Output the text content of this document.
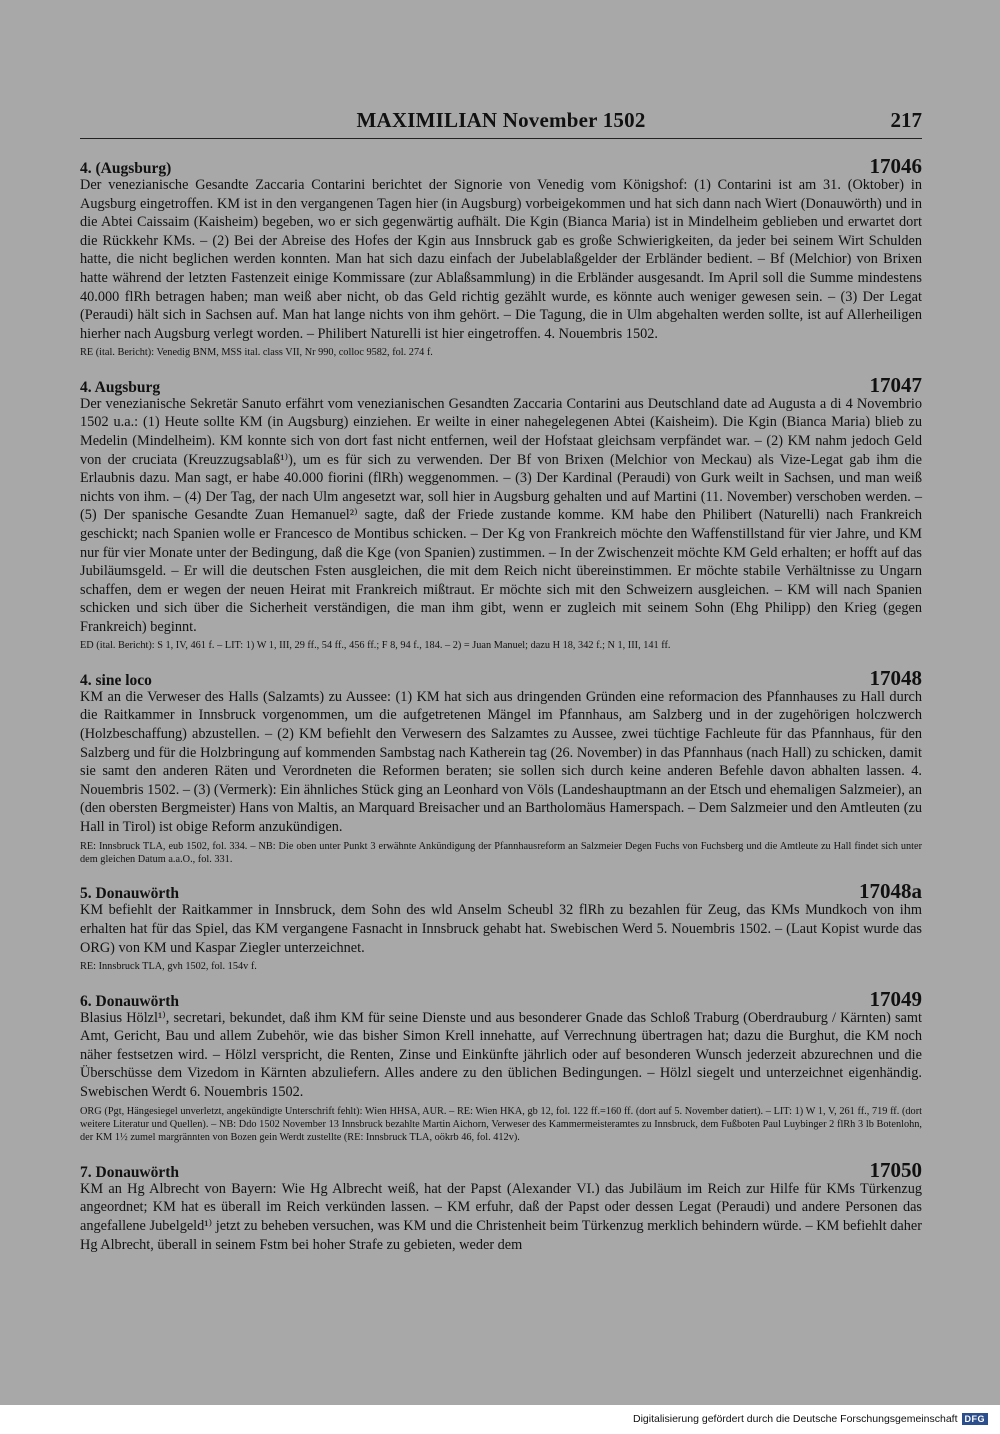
MAXIMILIAN November 1502	217
4. (Augsburg)	17046

Der venezianische Gesandte Zaccaria Contarini berichtet der Signorie von Venedig vom Königshof: (1) Contarini ist am 31. (Oktober) in Augsburg eingetroffen. KM ist in den vergangenen Tagen hier (in Augsburg) vorbeigekommen und hat sich dann nach Wiert (Donauwörth) und in die Abtei Caissaim (Kaisheim) begeben, wo er sich gegenwärtig aufhält. Die Kgin (Bianca Maria) ist in Mindelheim geblieben und erwartet dort die Rückkehr KMs. – (2) Bei der Abreise des Hofes der Kgin aus Innsbruck gab es große Schwierigkeiten, da jeder bei seinem Wirt Schulden hatte, die nicht beglichen werden konnten. Man hat sich dazu einfach der Jubelablaßgelder der Erbländer bedient. – Bf (Melchior) von Brixen hatte während der letzten Fastenzeit einige Kommissare (zur Ablaßsammlung) in die Erbländer ausgesandt. Im April soll die Summe mindestens 40.000 flRh betragen haben; man weiß aber nicht, ob das Geld richtig gezählt wurde, es könnte auch weniger gewesen sein. – (3) Der Legat (Peraudi) hält sich in Sachsen auf. Man hat lange nichts von ihm gehört. – Die Tagung, die in Ulm abgehalten werden sollte, ist auf Allerheiligen hierher nach Augsburg verlegt worden. – Philibert Naturelli ist hier eingetroffen. 4. Nouembris 1502.

RE (ital. Bericht): Venedig BNM, MSS ital. class VII, Nr 990, colloc 9582, fol. 274 f.

4. Augsburg	17047

Der venezianische Sekretär Sanuto erfährt vom venezianischen Gesandten Zaccaria Contarini aus Deutschland date ad Augusta a di 4 Novembrio 1502 u.a.: (1) Heute sollte KM (in Augsburg) einziehen. Er weilte in einer nahegelegenen Abtei (Kaisheim). Die Kgin (Bianca Maria) blieb zu Medelin (Mindelheim). KM konnte sich von dort fast nicht entfernen, weil der Hofstaat gleichsam verpfändet war. – (2) KM nahm jedoch Geld von der cruciata (Kreuzzugsablaß¹⁾), um es für sich zu verwenden. Der Bf von Brixen (Melchior von Meckau) als Vize-Legat gab ihm die Erlaubnis dazu. Man sagt, er habe 40.000 fiorini (flRh) weggenommen. – (3) Der Kardinal (Peraudi) von Gurk weilt in Sachsen, und man weiß nichts von ihm. – (4) Der Tag, der nach Ulm angesetzt war, soll hier in Augsburg gehalten und auf Martini (11. November) verschoben werden. – (5) Der spanische Gesandte Zuan Hemanuel²⁾ sagte, daß der Friede zustande komme. KM habe den Philibert (Naturelli) nach Frankreich geschickt; nach Spanien wolle er Francesco de Montibus schicken. – Der Kg von Frankreich möchte den Waffenstillstand für vier Jahre, und KM nur für vier Monate unter der Bedingung, daß die Kge (von Spanien) zustimmen. – In der Zwischenzeit möchte KM Geld erhalten; er hofft auf das Jubiläumsgeld. – Er will die deutschen Fsten ausgleichen, die mit dem Reich nicht übereinstimmen. Er möchte stabile Verhältnisse zu Ungarn schaffen, dem er wegen der neuen Heirat mit Frankreich mißtraut. Er möchte sich mit den Schweizern ausgleichen. – KM will nach Spanien schicken und sich über die Sicherheit verständigen, die man ihm gibt, wenn er zugleich mit seinem Sohn (Ehg Philipp) den Krieg (gegen Frankreich) beginnt.

ED (ital. Bericht): S 1, IV, 461 f. – LIT: 1) W 1, III, 29 ff., 54 ff., 456 ff.; F 8, 94 f., 184. – 2) = Juan Manuel; dazu H 18, 342 f.; N 1, III, 141 ff.

4. sine loco	17048

KM an die Verweser des Halls (Salzamts) zu Aussee: (1) KM hat sich aus dringenden Gründen eine reformacion des Pfannhauses zu Hall durch die Raitkammer in Innsbruck vorgenommen, um die aufgetretenen Mängel im Pfannhaus, am Salzberg und in der zugehörigen holczwerch (Holzbeschaffung) abzustellen. – (2) KM befiehlt den Verwesern des Salzamtes zu Aussee, zwei tüchtige Fachleute für das Pfannhaus, für den Salzberg und für die Holzbringung auf kommenden Sambstag nach Katherein tag (26. November) in das Pfannhaus (nach Hall) zu schicken, damit sie samt den anderen Räten und Verordneten die Reformen beraten; sie sollen sich durch keine anderen Befehle davon abhalten lassen. 4. Nouembris 1502. – (3) (Vermerk): Ein ähnliches Stück ging an Leonhard von Völs (Landeshauptmann an der Etsch und ehemaligen Salzmeier), an (den obersten Bergmeister) Hans von Maltis, an Marquard Breisacher und an Bartholomäus Hamerspach. – Dem Salzmeier und den Amtleuten (zu Hall in Tirol) ist obige Reform anzukündigen.

RE: Innsbruck TLA, eub 1502, fol. 334. – NB: Die oben unter Punkt 3 erwähnte Ankündigung der Pfannhausreform an Salzmeier Degen Fuchs von Fuchsberg und die Amtleute zu Hall findet sich unter dem gleichen Datum a.a.O., fol. 331.

5. Donauwörth	17048a

KM befiehlt der Raitkammer in Innsbruck, dem Sohn des wld Anselm Scheubl 32 flRh zu bezahlen für Zeug, das KMs Mundkoch von ihm erhalten hat für das Spiel, das KM vergangene Fasnacht in Innsbruck gehabt hat. Swebischen Werd 5. Nouembris 1502. – (Laut Kopist wurde das ORG) von KM und Kaspar Ziegler unterzeichnet.

RE: Innsbruck TLA, gvh 1502, fol. 154v f.

6. Donauwörth	17049

Blasius Hölzl¹⁾, secretari, bekundet, daß ihm KM für seine Dienste und aus besonderer Gnade das Schloß Traburg (Oberdrauburg / Kärnten) samt Amt, Gericht, Bau und allem Zubehör, wie das bisher Simon Krell innehatte, auf Verrechnung übertragen hat; dazu die Burghut, die KM noch näher festsetzen wird. – Hölzl verspricht, die Renten, Zinse und Einkünfte jährlich oder auf besonderen Wunsch jederzeit abzurechnen und die Überschüsse dem Vizedom in Kärnten abzuliefern. Alles andere zu den üblichen Bedingungen. – Hölzl siegelt und unterzeichnet eigenhändig. Swebischen Werdt 6. Nouembris 1502.

ORG (Pgt, Hängesiegel unverletzt, angekündigte Unterschrift fehlt): Wien HHSA, AUR. – RE: Wien HKA, gb 12, fol. 122 ff.=160 ff. (dort auf 5. November datiert). – LIT: 1) W 1, V, 261 ff., 719 ff. (dort weitere Literatur und Quellen). – NB: Ddo 1502 November 13 Innsbruck bezahlte Martin Aichorn, Verweser des Kammermeisteramtes zu Innsbruck, dem Fußboten Paul Luybinger 2 flRh 3 lb Botenlohn, der KM 1½ zumel margrännten von Bozen gein Werdt zustellte (RE: Innsbruck TLA, oökrb 46, fol. 412v).

7. Donauwörth	17050

KM an Hg Albrecht von Bayern: Wie Hg Albrecht weiß, hat der Papst (Alexander VI.) das Jubiläum im Reich zur Hilfe für KMs Türkenzug angeordnet; KM hat es überall im Reich verkünden lassen. – KM erfuhr, daß der Papst oder dessen Legat (Peraudi) und andere Personen das angefallene Jubelgeld¹⁾ jetzt zu beheben versuchen, was KM und die Christenheit beim Türkenzug merklich behindern würde. – KM befiehlt daher Hg Albrecht, überall in seinem Fstm bei hoher Strafe zu gebieten, weder dem

Digitalisierung gefördert durch die Deutsche Forschungsgemeinschaft DFG
